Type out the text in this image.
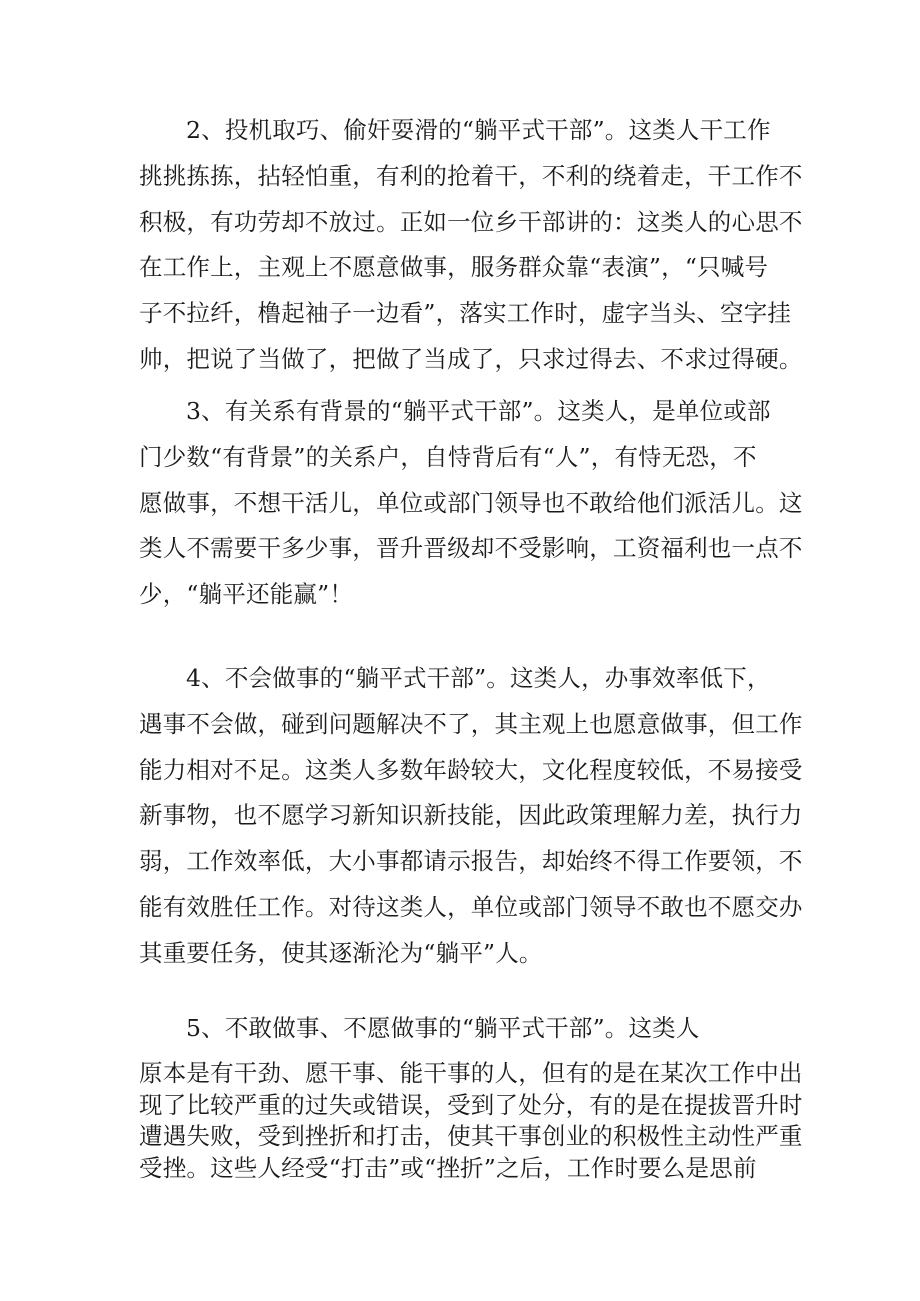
2、投机取巧、偷奸耍滑的“躺平式干部”。这类人干工作
挑挑拣拣，拈轻怕重，有利的抢着干，不利的绕着走，干工作不
积极，有功劳却不放过。正如一位乡干部讲的：这类人的心思不
在工作上，主观上不愿意做事，服务群众靠“表演”，“只喊号
子不拉纤，橹起袖子一边看”，落实工作时，虚字当头、空字挂
帅，把说了当做了，把做了当成了，只求过得去、不求过得硬。
3、有关系有背景的“躺平式干部”。这类人，是单位或部
门少数“有背景”的关系户，自恃背后有“人”，有恃无恐，不
愿做事，不想干活儿，单位或部门领导也不敢给他们派活儿。这
类人不需要干多少事，晋升晋级却不受影响，工资福利也一点不
少，“躺平还能赢”！
4、不会做事的“躺平式干部”。这类人，办事效率低下，
遇事不会做，碰到问题解决不了，其主观上也愿意做事，但工作
能力相对不足。这类人多数年龄较大，文化程度较低，不易接受
新事物，也不愿学习新知识新技能，因此政策理解力差，执行力
弱，工作效率低，大小事都请示报告，却始终不得工作要领，不
能有效胜任工作。对待这类人，单位或部门领导不敢也不愿交办
其重要任务，使其逐渐沦为“躺平”人。
5、不敢做事、不愿做事的“躺平式干部”。这类人
原本是有干劲、愿干事、能干事的人，但有的是在某次工作中出
现了比较严重的过失或错误，受到了处分，有的是在提拔晋升时
遭遇失败，受到挫折和打击，使其干事创业的积极性主动性严重
受挫。这些人经受“打击”或“挫折”之后，工作时要么是思前
